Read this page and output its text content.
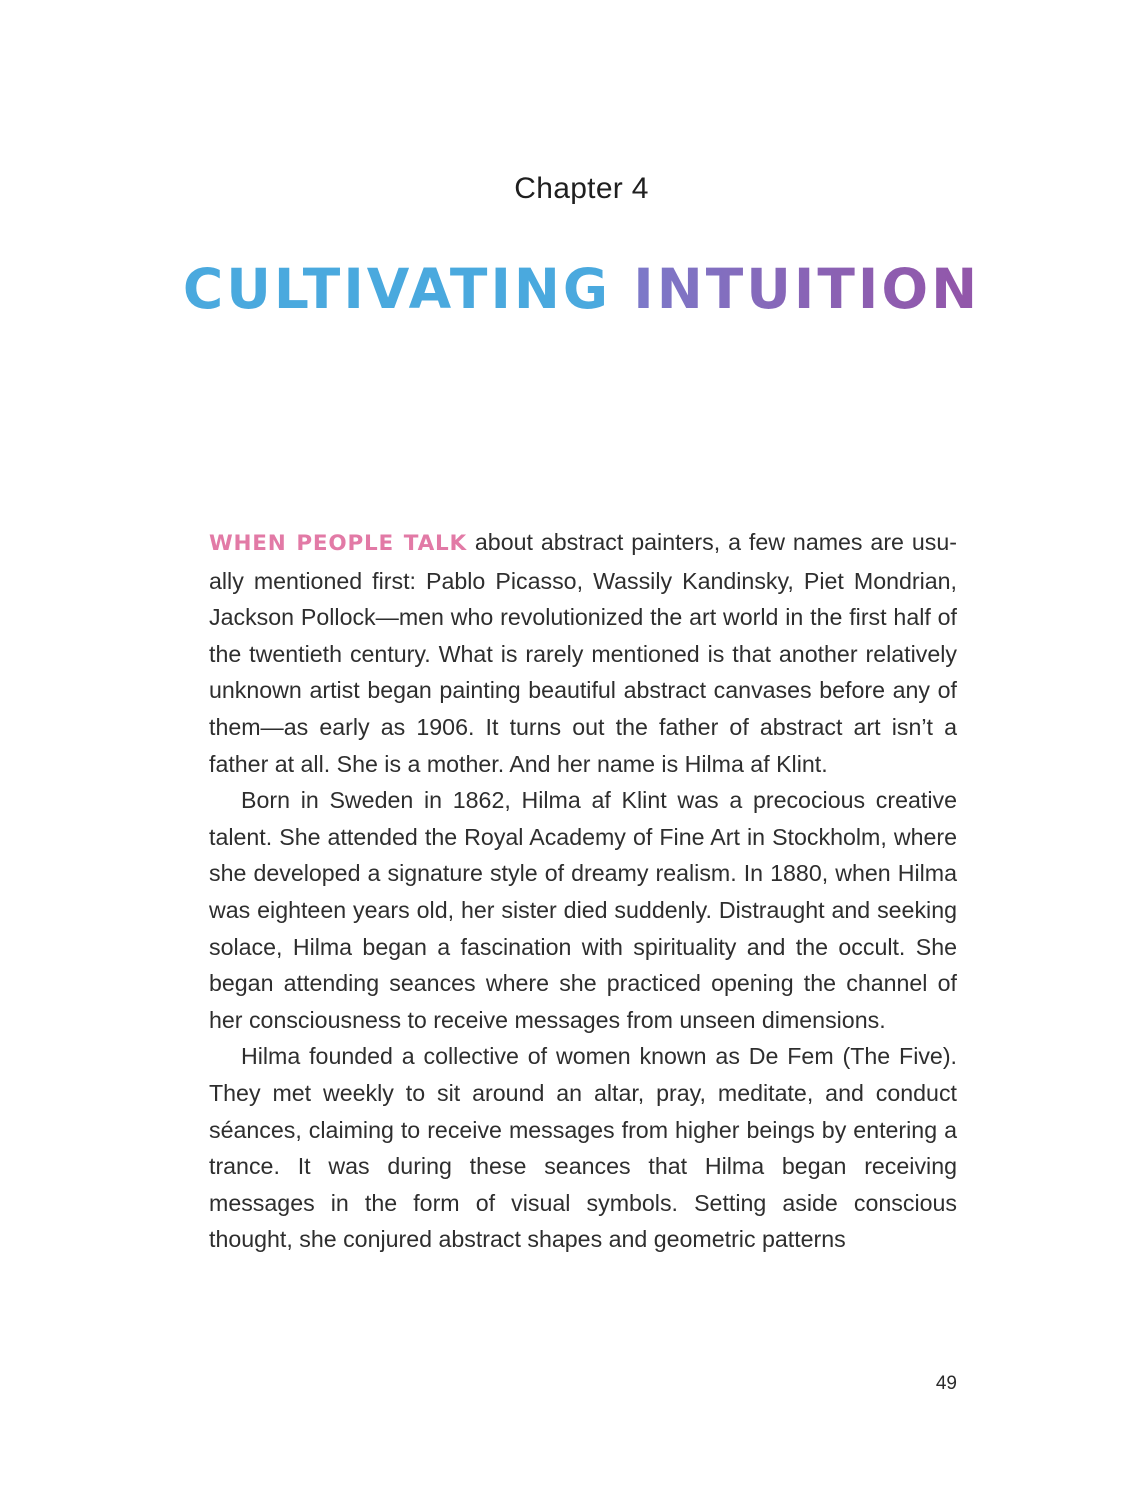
Chapter 4
CULTIVATING INTUITION

WHEN PEOPLE TALK about abstract painters, a few names are usually mentioned first: Pablo Picasso, Wassily Kandinsky, Piet Mondrian, Jackson Pollock—men who revolutionized the art world in the first half of the twentieth century. What is rarely mentioned is that another relatively unknown artist began painting beautiful abstract canvases before any of them—as early as 1906. It turns out the father of abstract art isn’t a father at all. She is a mother. And her name is Hilma af Klint.

Born in Sweden in 1862, Hilma af Klint was a precocious creative talent. She attended the Royal Academy of Fine Art in Stockholm, where she developed a signature style of dreamy realism. In 1880, when Hilma was eighteen years old, her sister died suddenly. Distraught and seeking solace, Hilma began a fascination with spirituality and the occult. She began attending seances where she practiced opening the channel of her consciousness to receive messages from unseen dimensions.

Hilma founded a collective of women known as De Fem (The Five). They met weekly to sit around an altar, pray, meditate, and conduct séances, claiming to receive messages from higher beings by entering a trance. It was during these seances that Hilma began receiving messages in the form of visual symbols. Setting aside conscious thought, she conjured abstract shapes and geometric patterns

49
